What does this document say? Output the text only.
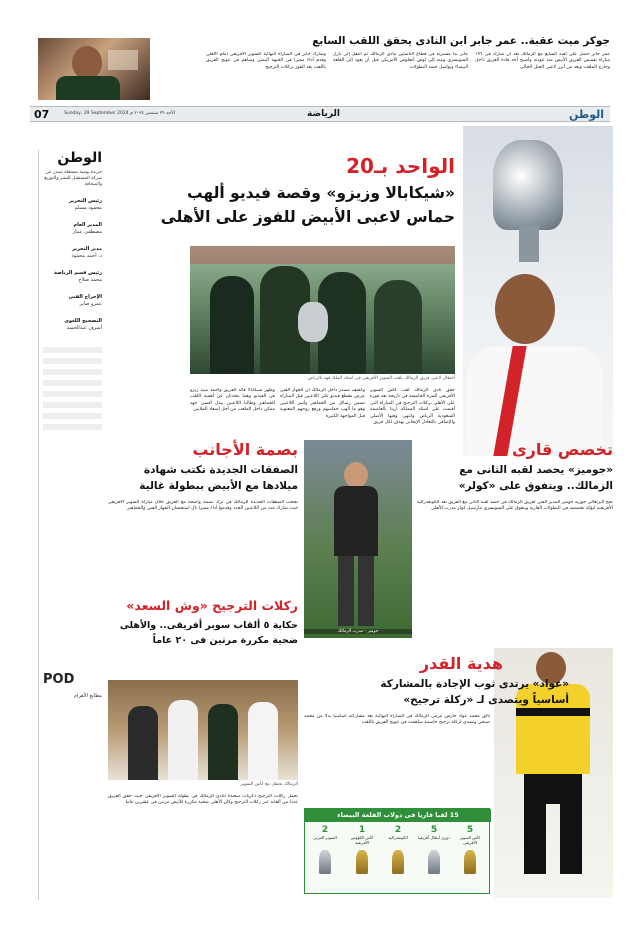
جوكر ميت عقبة.. عمر جابر ابن النادى يحقق اللقب السابع
عمر جابر حصل على لقبه السابع مع الزمالك بعد أن شارك فى ١٩٦ مباراة بقميص الفريق الأبيض منذ عودته وأصبح أحد قادة الفريق داخل وخارج الملعب ويعد من أبرز لاعبى الجيل الحالى
جابر بدأ مسيرته فى قطاع الناشئين بنادى الزمالك ثم انتقل إلى بازل السويسرى ومنه إلى لوس أنجلوس الأمريكى قبل أن يعود إلى القلعة البيضاء ويواصل حصد البطولات
وشارك جابر فى المباراة النهائية للسوبر الأفريقى أمام الأهلى وقدم أداء مميزا فى الجبهة اليمنى وساهم فى تتويج الفريق باللقب بعد الفوز بركلات الترجيح
الوطن
الرياضة
Sunday, 29 September 2024 الأحد ٢٩ سبتمبر ٢٠٢٤ م
07
الوطن
جريدة يومية مستقلة تصدر عن شركة المستقبل للنشر والتوزيع والصحافة
رئيس التحرير
محمود مسلم
المدير العام
مصطفى عمار
مدير التحرير
د. أحمد محمود
رئيس قسم الرياضة
محمد صلاح
الإخراج الفنى
عمرو صابر
التصحيح اللغوى
أشرف عبدالحميد
POD
مطابع الأهرام
الواحد بـ20
«شيكابالا وزيزو» وقصة فيديو ألهب
حماس لاعبى الأبيض للفوز على الأهلى
احتفال لاعبى فريق الزمالك بلقب السوبر الأفريقى فى استاد الملك فهد بالرياض
حقق نادى الزمالك لقب كأس السوبر الأفريقى للمرة الخامسة فى تاريخه بعد فوزه على الأهلى بركلات الترجيح فى المباراة التى أقيمت على استاد المملكة أرينا بالعاصمة السعودية الرياض وانتهى وقتها الأصلى والإضافى بالتعادل الإيجابى بهدف لكل فريق
وكشف مصدر داخل الزمالك أن الجهاز الفنى عرض مقطع فيديو على اللاعبين قبل المباراة تضمن رسائل من الجماهير وأسر اللاعبين وهو ما ألهب حماسهم ورفع روحهم المعنوية قبل المواجهة الكبيرة
وظهر شيكابالا قائد الفريق وأحمد سيد زيزو فى الفيديو وهما يتحدثان عن أهمية اللقب للجماهير وطالبا اللاعبين ببذل أقصى جهد ممكن داخل الملعب من أجل إسعاد الملايين
بصمة الأجانب
الصفقات الجديدة تكتب شهادة
ميلادها مع الأبيض ببطولة غالية
نجحت الصفقات الجديدة للزمالك فى ترك بصمة واضحة مع الفريق خلال مباراة السوبر الأفريقى حيث شارك عدد من اللاعبين الجدد وقدموا أداء مميزا نال استحسان الجهاز الفنى والجماهير
جوميز - مدرب الزمالك
تخصص قارى
«جوميز» يحصد لقبه الثانى مع
الزمالك.. ويتفوق على «كولر»
نجح البرتغالى جوزيه جوميز المدير الفنى لفريق الزمالك فى حصد لقبه الثانى مع الفريق بعد الكونفدرالية الأفريقية ليؤكد تخصصه فى البطولات القارية ويتفوق على السويسرى مارسيل كولر مدرب الأهلى
ركلات الترجيح «وش السعد»
حكاية ٥ ألقاب سوبر أفريقى.. والأهلى
ضحية مكررة مرتين فى ٢٠ عاماً
الزمالك يحتفل مع كأس السوبر
تحمل ركلات الترجيح ذكريات سعيدة لنادى الزمالك فى بطولة السوبر الأفريقى حيث حقق الفريق عددا من ألقابه عبر ركلات الترجيح وكان الأهلى ضحية مكررة للأبيض مرتين فى عشرين عاما
هدية القدر
«عواد» يرتدى ثوب الإجادة بالمشاركة
أساسياً ويتصدى لـ «ركلة ترجيح»
تألق محمد عواد حارس مرمى الزمالك فى المباراة النهائية بعد مشاركته أساسيا بدلا من محمد صبحى وتصدى لركلة ترجيح حاسمة ساهمت فى تتويج الفريق باللقب
15 لقبا قاريا فى دولاب القلعة البيضاء
5
كأس السوبر الأفريقى
5
دورى أبطال أفريقيا
2
الكونفدرالية
1
كأس الكؤوس الأفريقية
2
السوبر العربى
